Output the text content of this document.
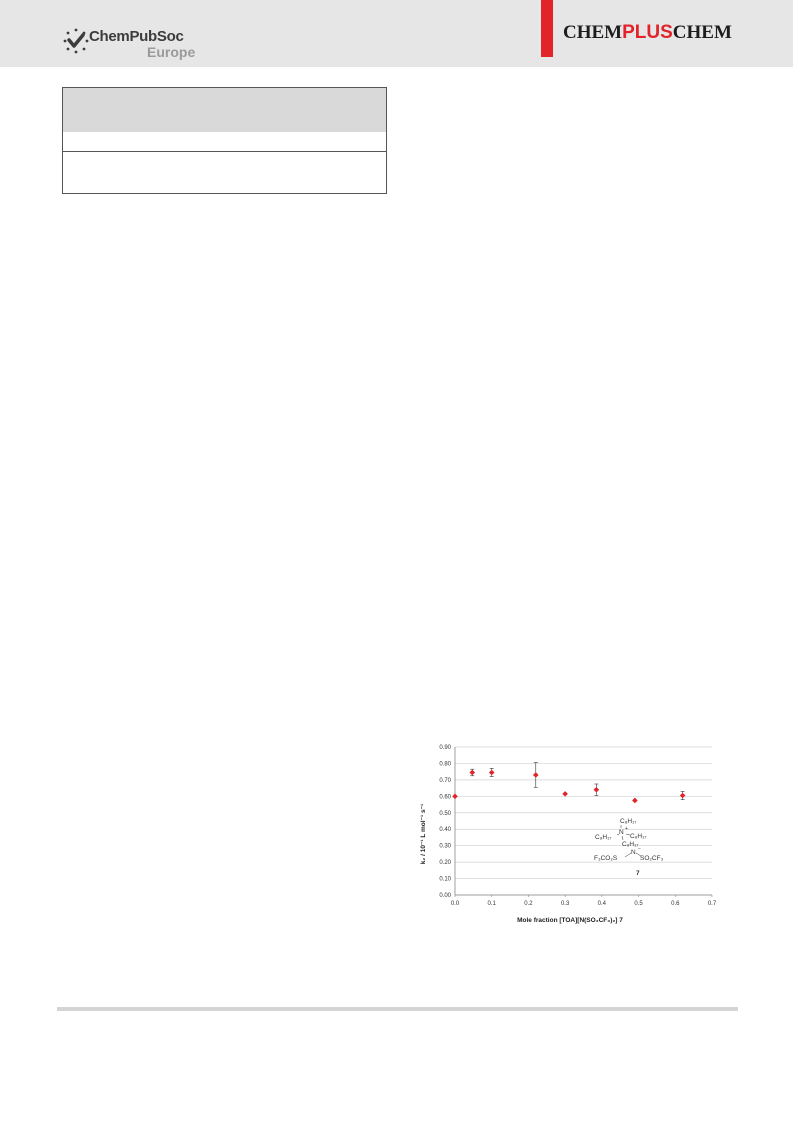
ChemPubSoc
Europe
CHEMPLUSCHEM
0.00
0.10
0.20
0.30
0.40
0.50
0.60
0.70
0.80
0.90
0.0	0.1	0.2	0.3	0.4	0.5	0.6	0.7
k₂ / 10⁻¹ L mol⁻¹ s⁻¹
Mole fraction [TOA][N(SO₂CF₃)₂] 7
C₈H₁₇
C₈H₁₇
N +
C₈H₁₇
C₈H₁₇
F₃CO₂S
N −
SO₂CF₃
7
